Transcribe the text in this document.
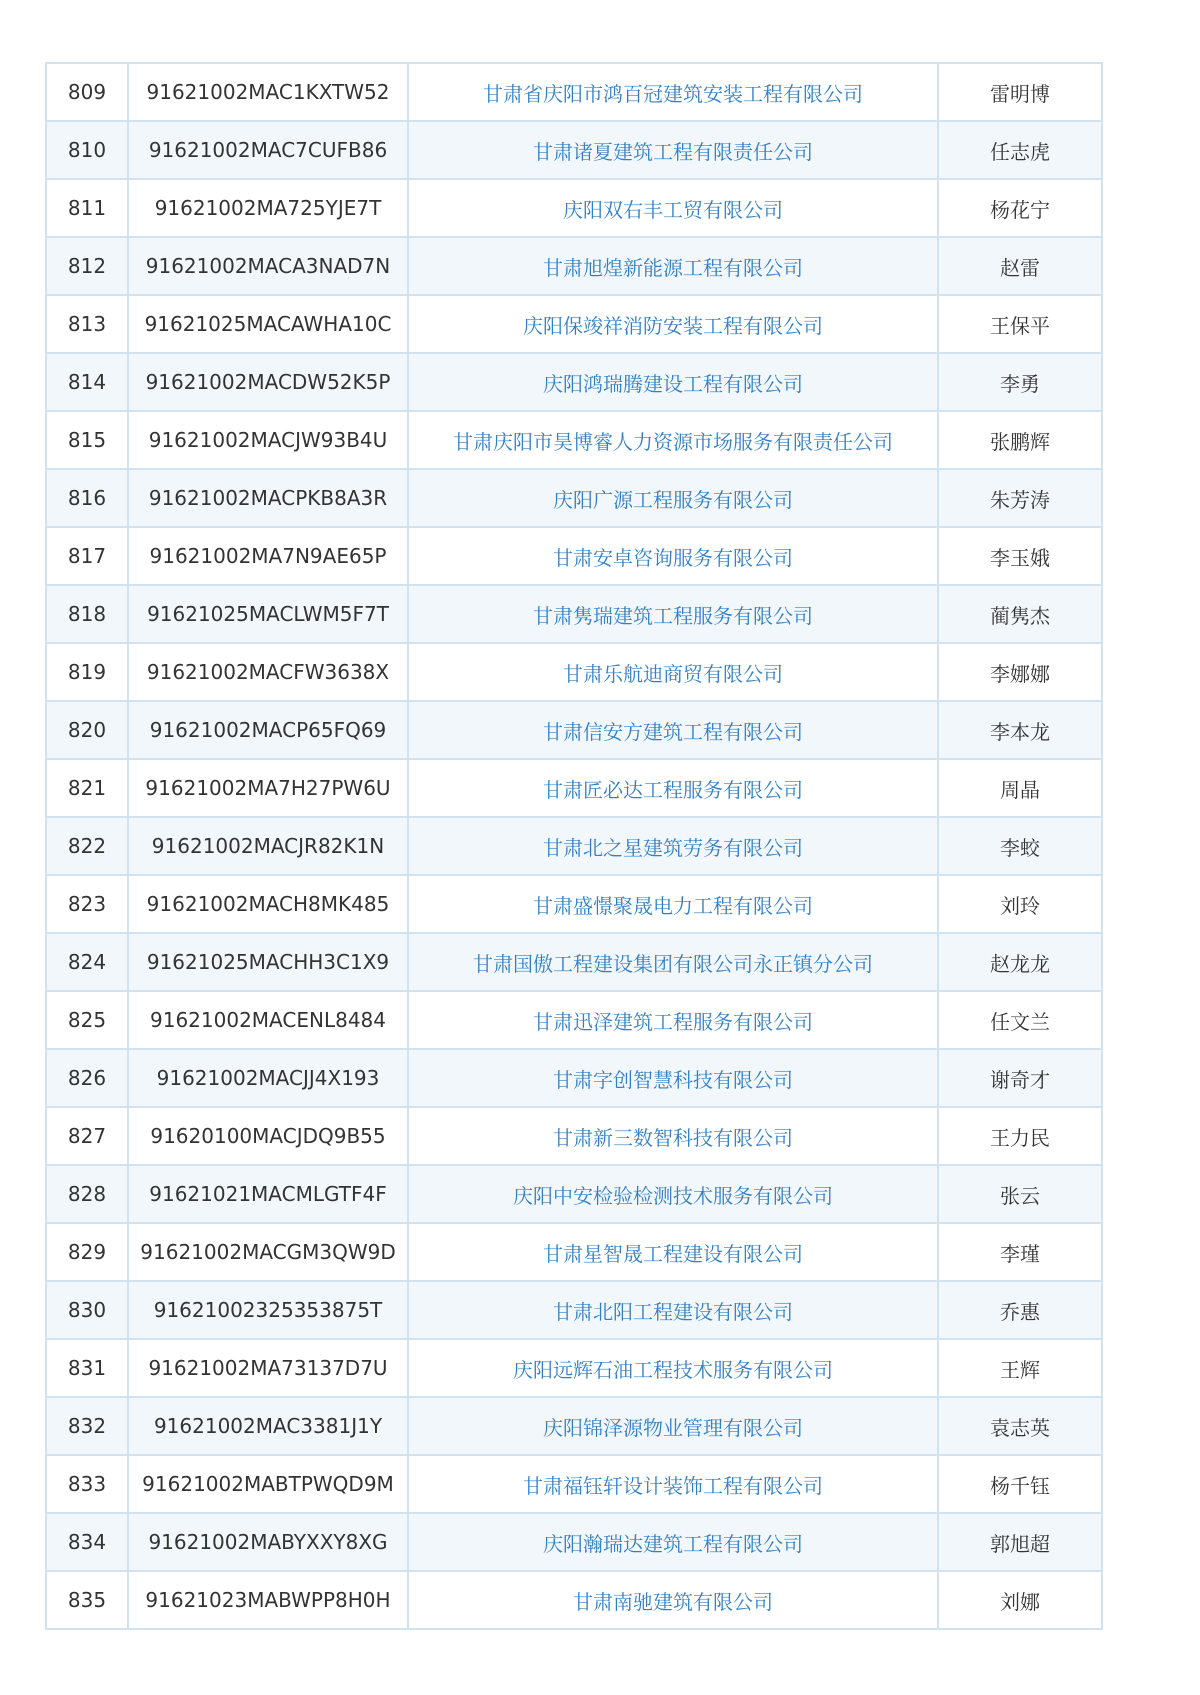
809	91621002MAC1KXTW52	甘肃省庆阳市鸿百冠建筑安装工程有限公司	雷明博
810	91621002MAC7CUFB86	甘肃诸夏建筑工程有限责任公司	任志虎
811	91621002MA725YJE7T	庆阳双右丰工贸有限公司	杨花宁
812	91621002MACA3NAD7N	甘肃旭煌新能源工程有限公司	赵雷
813	91621025MACAWHA10C	庆阳保竣祥消防安装工程有限公司	王保平
814	91621002MACDW52K5P	庆阳鸿瑞腾建设工程有限公司	李勇
815	91621002MACJW93B4U	甘肃庆阳市昊博睿人力资源市场服务有限责任公司	张鹏辉
816	91621002MACPKB8A3R	庆阳广源工程服务有限公司	朱芳涛
817	91621002MA7N9AE65P	甘肃安卓咨询服务有限公司	李玉娥
818	91621025MACLWM5F7T	甘肃隽瑞建筑工程服务有限公司	蔺隽杰
819	91621002MACFW3638X	甘肃乐航迪商贸有限公司	李娜娜
820	91621002MACP65FQ69	甘肃信安方建筑工程有限公司	李本龙
821	91621002MA7H27PW6U	甘肃匠必达工程服务有限公司	周晶
822	91621002MACJR82K1N	甘肃北之星建筑劳务有限公司	李蛟
823	91621002MACH8MK485	甘肃盛憬聚晟电力工程有限公司	刘玲
824	91621025MACHH3C1X9	甘肃国傲工程建设集团有限公司永正镇分公司	赵龙龙
825	91621002MACENL8484	甘肃迅泽建筑工程服务有限公司	任文兰
826	91621002MACJJ4X193	甘肃字创智慧科技有限公司	谢奇才
827	91620100MACJDQ9B55	甘肃新三数智科技有限公司	王力民
828	91621021MACMLGTF4F	庆阳中安检验检测技术服务有限公司	张云
829	91621002MACGM3QW9D	甘肃星智晟工程建设有限公司	李瑾
830	91621002325353875T	甘肃北阳工程建设有限公司	乔惠
831	91621002MA73137D7U	庆阳远辉石油工程技术服务有限公司	王辉
832	91621002MAC3381J1Y	庆阳锦泽源物业管理有限公司	袁志英
833	91621002MABTPWQD9M	甘肃福钰轩设计装饰工程有限公司	杨千钰
834	91621002MABYXXY8XG	庆阳瀚瑞达建筑工程有限公司	郭旭超
835	91621023MABWPP8H0H	甘肃南驰建筑有限公司	刘娜
